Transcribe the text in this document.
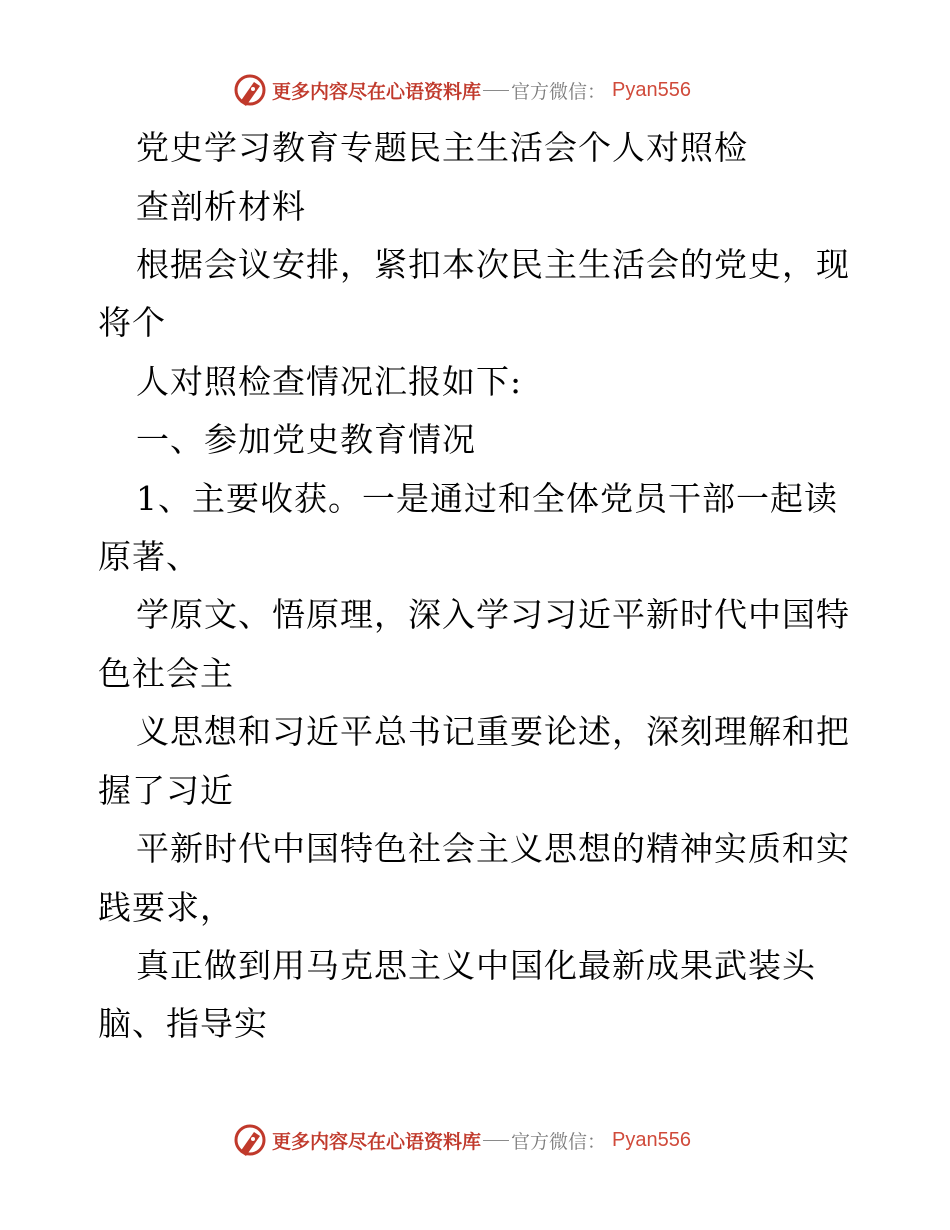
更多内容尽在心语资料库 官方微信 ： Pyan556
党史学习教育专题民主生活会个人对照检
查剖析材料
根据会议安排，紧扣本次民主生活会的党史，现
将个
人对照检查情况汇报如下:
一、参加党史教育情况
1、主要收获。一是通过和全体党员干部一起读
原著、
学原文、悟原理，深入学习习近平新时代中国特
色社会主
义思想和习近平总书记重要论述，深刻理解和把
握了习近
平新时代中国特色社会主义思想的精神实质和实
践要求，
真正做到用马克思主义中国化最新成果武装头
脑、指导实
更多内容尽在心语资料库 官方微信 ： Pyan556
